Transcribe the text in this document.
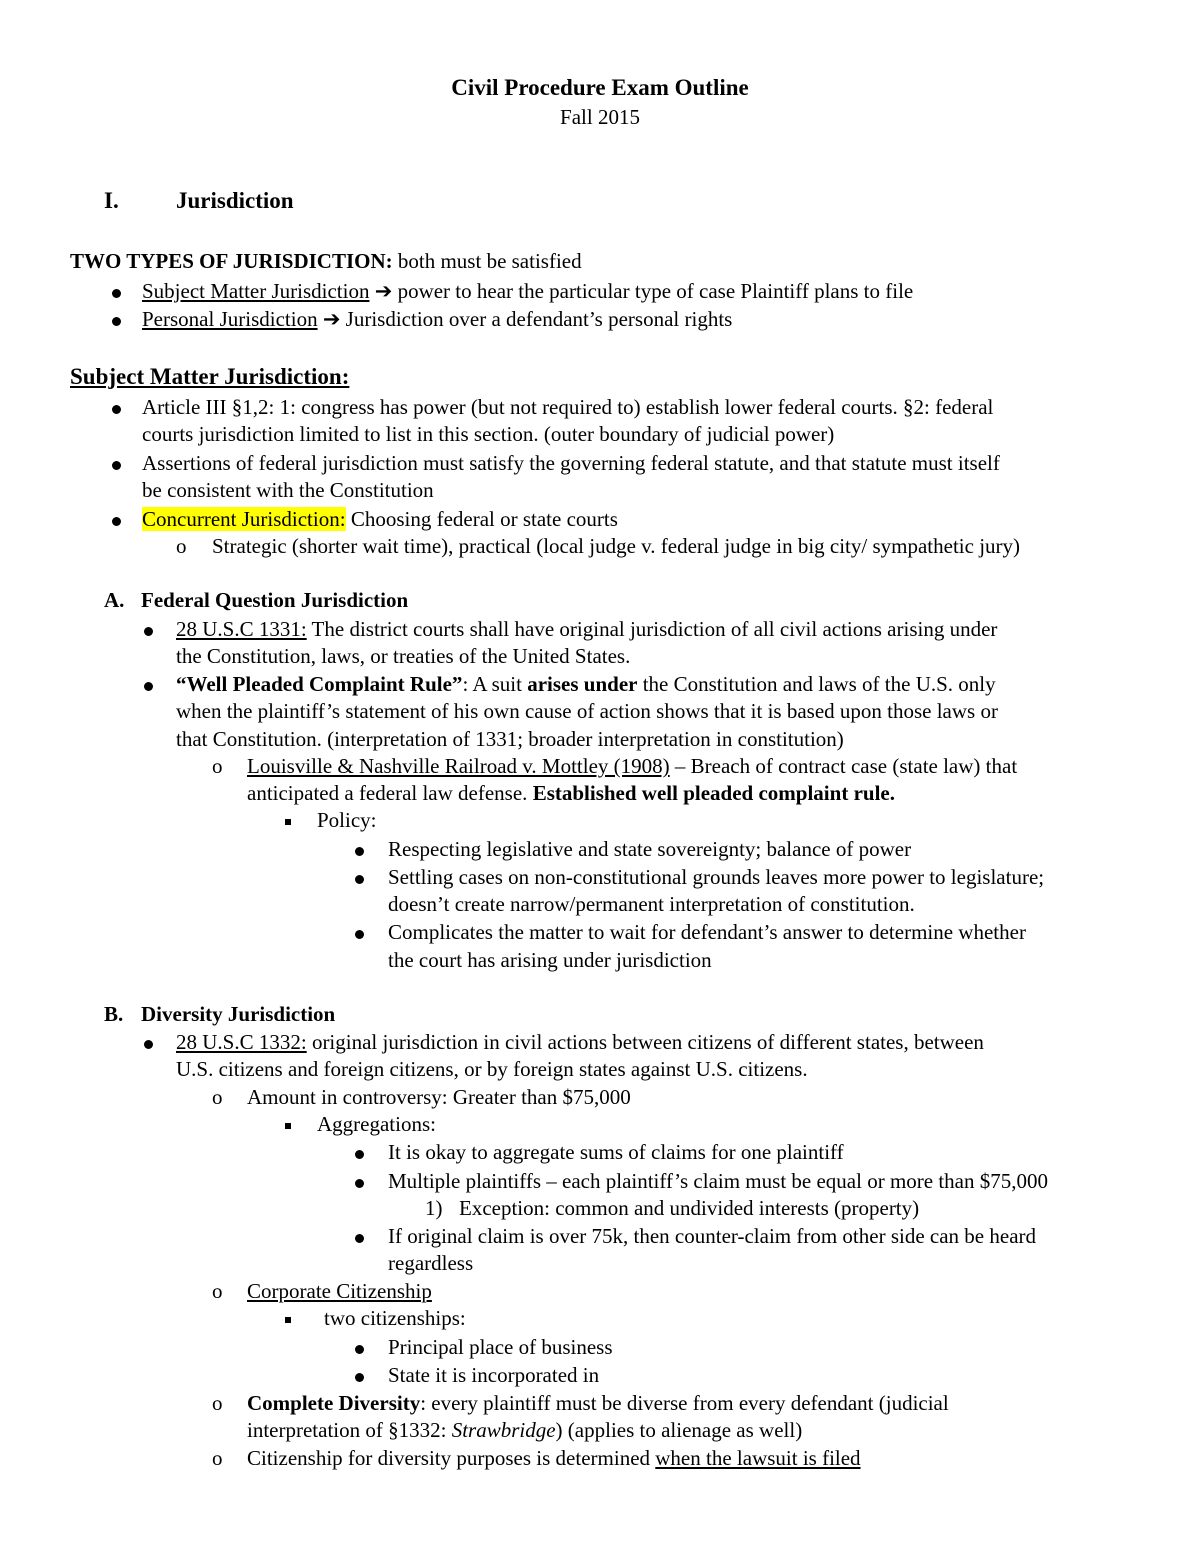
Civil Procedure Exam Outline
Fall 2015
I. Jurisdiction
TWO TYPES OF JURISDICTION: both must be satisfied
Subject Matter Jurisdiction ➔ power to hear the particular type of case Plaintiff plans to file
Personal Jurisdiction ➔ Jurisdiction over a defendant’s personal rights
Subject Matter Jurisdiction:
Article III §1,2: 1: congress has power (but not required to) establish lower federal courts. §2: federal
courts jurisdiction limited to list in this section. (outer boundary of judicial power)
Assertions of federal jurisdiction must satisfy the governing federal statute, and that statute must itself
be consistent with the Constitution
Concurrent Jurisdiction: Choosing federal or state courts
o Strategic (shorter wait time), practical (local judge v. federal judge in big city/ sympathetic jury)
A. Federal Question Jurisdiction
28 U.S.C 1331: The district courts shall have original jurisdiction of all civil actions arising under
the Constitution, laws, or treaties of the United States.
“Well Pleaded Complaint Rule”: A suit arises under the Constitution and laws of the U.S. only
when the plaintiff’s statement of his own cause of action shows that it is based upon those laws or
that Constitution. (interpretation of 1331; broader interpretation in constitution)
o Louisville & Nashville Railroad v. Mottley (1908) – Breach of contract case (state law) that
anticipated a federal law defense. Established well pleaded complaint rule.
Policy:
Respecting legislative and state sovereignty; balance of power
Settling cases on non-constitutional grounds leaves more power to legislature;
doesn’t create narrow/permanent interpretation of constitution.
Complicates the matter to wait for defendant’s answer to determine whether
the court has arising under jurisdiction
B. Diversity Jurisdiction
28 U.S.C 1332: original jurisdiction in civil actions between citizens of different states, between
U.S. citizens and foreign citizens, or by foreign states against U.S. citizens.
o Amount in controversy: Greater than $75,000
Aggregations:
It is okay to aggregate sums of claims for one plaintiff
Multiple plaintiffs – each plaintiff’s claim must be equal or more than $75,000
1) Exception: common and undivided interests (property)
If original claim is over 75k, then counter-claim from other side can be heard
regardless
o Corporate Citizenship
two citizenships:
Principal place of business
State it is incorporated in
o Complete Diversity: every plaintiff must be diverse from every defendant (judicial
interpretation of §1332: Strawbridge) (applies to alienage as well)
o Citizenship for diversity purposes is determined when the lawsuit is filed
